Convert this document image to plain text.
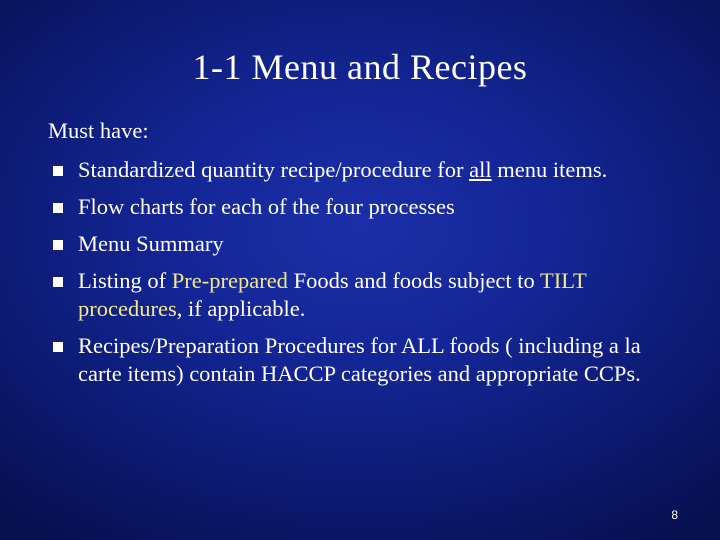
1-1 Menu and Recipes
Must have:
Standardized quantity recipe/procedure for all menu items.
Flow charts for each of the four processes
Menu Summary
Listing of Pre-prepared Foods and foods subject to TILT procedures, if applicable.
Recipes/Preparation Procedures for ALL foods ( including a la carte items) contain HACCP categories and appropriate CCPs.
8
